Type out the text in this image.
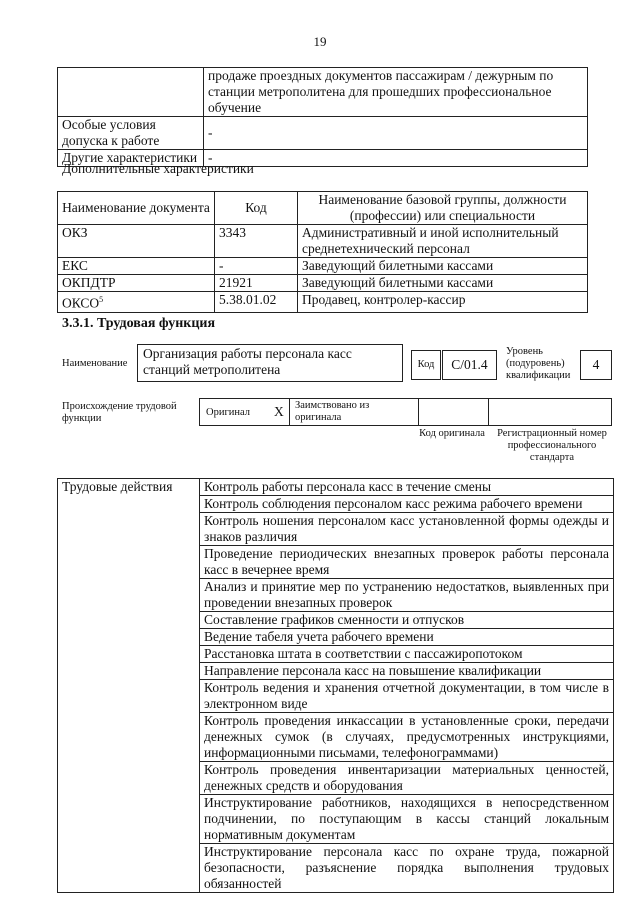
19
	продаже проездных документов пассажирам / дежурным по станции метрополитена для прошедших профессиональное обучение
Особые условия допуска к работе	-
Другие характеристики	-
Дополнительные характеристики
Наименование документа	Код	Наименование базовой группы, должности (профессии) или специальности
ОКЗ	3343	Административный и иной исполнительный среднетехнический персонал
ЕКС	-	Заведующий билетными кассами
ОКПДТР	21921	Заведующий билетными кассами
ОКСО$^5$	5.38.01.02	Продавец, контролер-кассир
3.3.1. Трудовая функция
Наименование
Организация работы персонала касс станций метрополитена	Код	C/01.4
Уровень (подуровень) квалификации
4
Происхождение трудовой функции
Оригинал X Заимствовано из оригинала
Код оригинала	Регистрационный номер профессионального стандарта
Трудовые действия	Контроль работы персонала касс в течение смены
Контроль соблюдения персоналом касс режима рабочего времени
Контроль ношения персоналом касс установленной формы одежды и знаков различия
Проведение периодических внезапных проверок работы персонала касс в вечернее время
Анализ и принятие мер по устранению недостатков, выявленных при проведении внезапных проверок
Составление графиков сменности и отпусков
Ведение табеля учета рабочего времени
Расстановка штата в соответствии с пассажиропотоком
Направление персонала касс на повышение квалификации
Контроль ведения и хранения отчетной документации, в том числе в электронном виде
Контроль проведения инкассации в установленные сроки, передачи денежных сумок (в случаях, предусмотренных инструкциями, информационными письмами, телефонограммами)
Контроль проведения инвентаризации материальных ценностей, денежных средств и оборудования
Инструктирование работников, находящихся в непосредственном подчинении, по поступающим в кассы станций локальным нормативным документам
Инструктирование персонала касс по охране труда, пожарной безопасности, разъяснение порядка выполнения трудовых обязанностей
